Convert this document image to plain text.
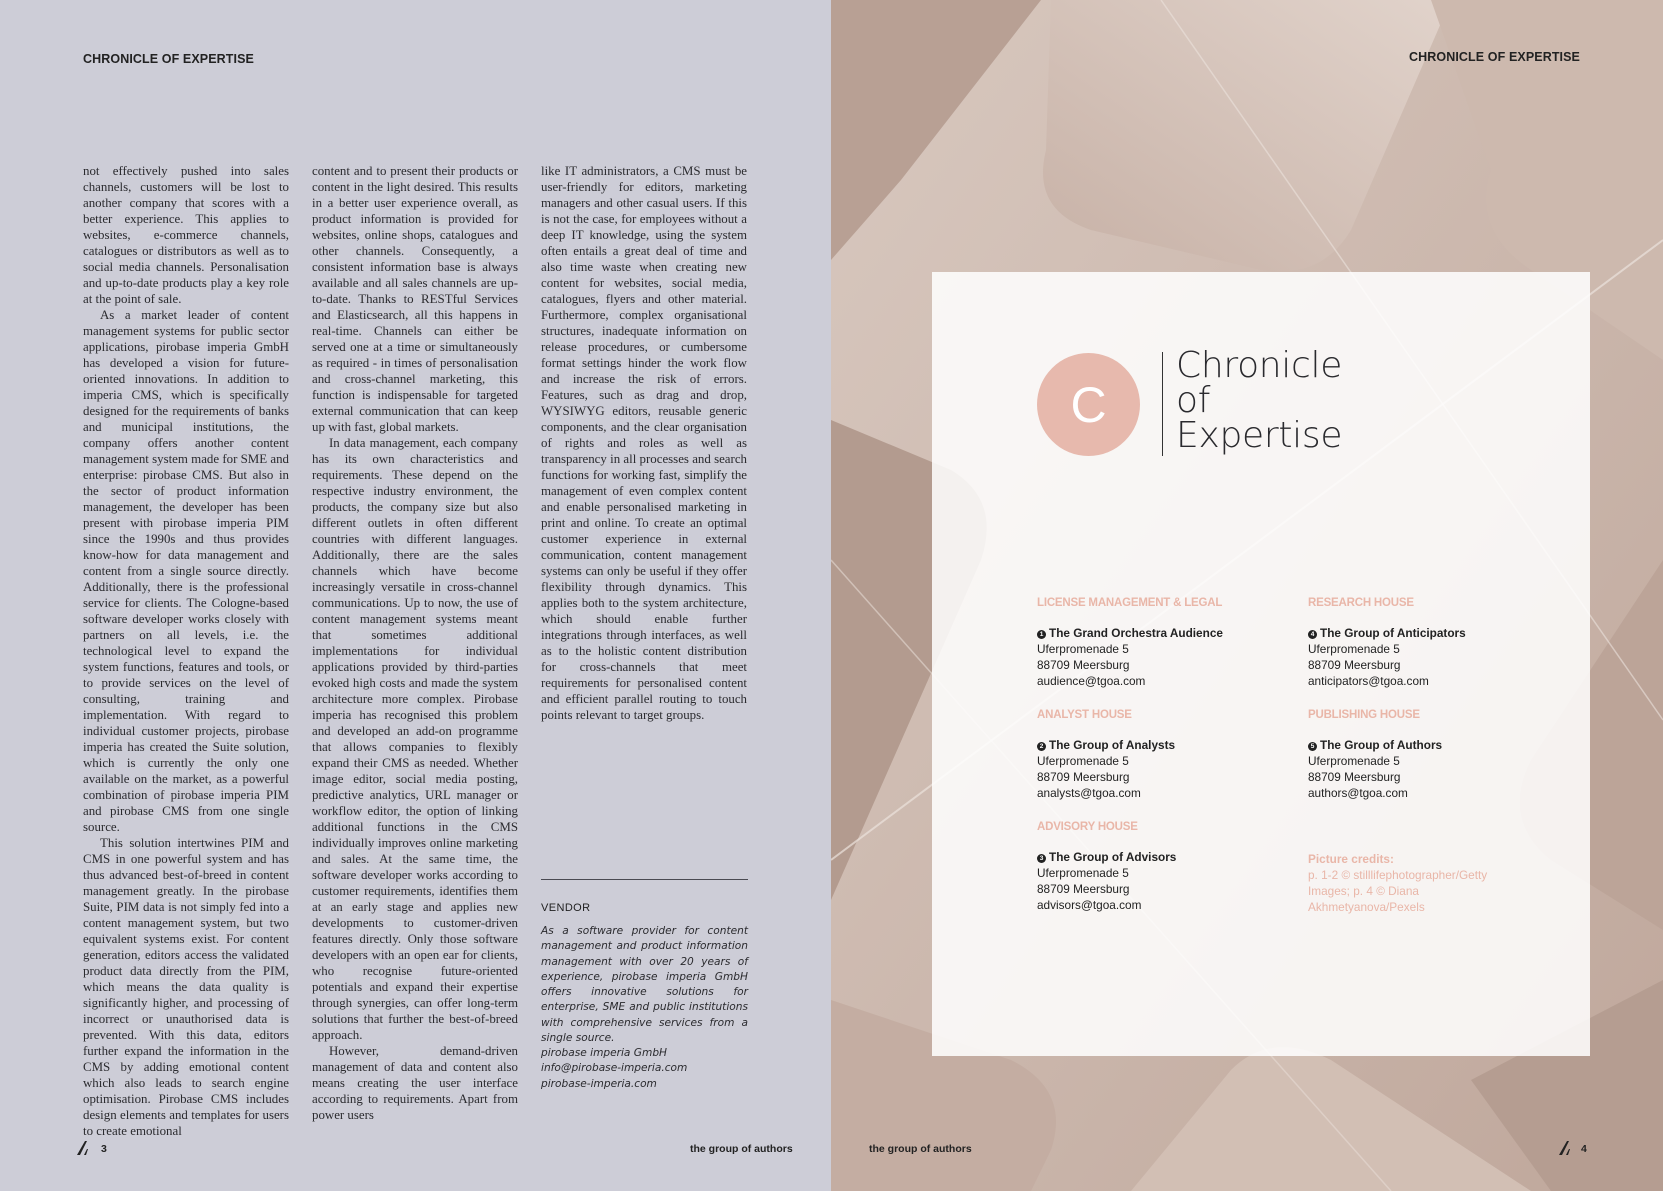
CHRONICLE OF EXPERTISE

not effectively pushed into sales channels, customers will be lost to another company that scores with a better experience. This applies to websites, e-commerce channels, catalogues or distributors as well as to social media channels. Personalisation and up-to-date products play a key role at the point of sale.

As a market leader of content management systems for public sector applications, pirobase imperia GmbH has developed a vision for future-oriented innovations. In addition to imperia CMS, which is specifically designed for the requirements of banks and municipal institutions, the company offers another content management system made for SME and enterprise: pirobase CMS. But also in the sector of product information management, the developer has been present with pirobase imperia PIM since the 1990s and thus provides know-how for data management and content from a single source directly. Additionally, there is the professional service for clients. The Cologne-based software developer works closely with partners on all levels, i.e. the technological level to expand the system functions, features and tools, or to provide services on the level of consulting, training and implementation. With regard to individual customer projects, pirobase imperia has created the Suite solution, which is currently the only one available on the market, as a powerful combination of pirobase imperia PIM and pirobase CMS from one single source.

This solution intertwines PIM and CMS in one powerful system and has thus advanced best-of-breed in content management greatly. In the pirobase Suite, PIM data is not simply fed into a content management system, but two equivalent systems exist. For content generation, editors access the validated product data directly from the PIM, which means the data quality is significantly higher, and processing of incorrect or unauthorised data is prevented. With this data, editors further expand the information in the CMS by adding emotional content which also leads to search engine optimisation. Pirobase CMS includes design elements and templates for users to create emotional

content and to present their products or content in the light desired. This results in a better user experience overall, as product information is provided for websites, online shops, catalogues and other channels. Consequently, a consistent information base is always available and all sales channels are up-to-date. Thanks to RESTful Services and Elasticsearch, all this happens in real-time. Channels can either be served one at a time or simultaneously as required - in times of personalisation and cross-channel marketing, this function is indispensable for targeted external communication that can keep up with fast, global markets.

In data management, each company has its own characteristics and requirements. These depend on the respective industry environment, the products, the company size but also different outlets in often different countries with different languages. Additionally, there are the sales channels which have become increasingly versatile in cross-channel communications. Up to now, the use of content management systems meant that sometimes additional implementations for individual applications provided by third-parties evoked high costs and made the system architecture more complex. Pirobase imperia has recognised this problem and developed an add-on programme that allows companies to flexibly expand their CMS as needed. Whether image editor, social media posting, predictive analytics, URL manager or workflow editor, the option of linking additional functions in the CMS individually improves online marketing and sales. At the same time, the software developer works according to customer requirements, identifies them at an early stage and applies new developments to customer-driven features directly. Only those software developers with an open ear for clients, who recognise future-oriented potentials and expand their expertise through synergies, can offer long-term solutions that further the best-of-breed approach.

However, demand-driven management of data and content also means creating the user interface according to requirements. Apart from power users

like IT administrators, a CMS must be user-friendly for editors, marketing managers and other casual users. If this is not the case, for employees without a deep IT knowledge, using the system often entails a great deal of time and also time waste when creating new content for websites, social media, catalogues, flyers and other material. Furthermore, complex organisational structures, inadequate information on release procedures, or cumbersome format settings hinder the work flow and increase the risk of errors. Features, such as drag and drop, WYSIWYG editors, reusable generic components, and the clear organisation of rights and roles as well as transparency in all processes and search functions for working fast, simplify the management of even complex content and enable personalised marketing in print and online. To create an optimal customer experience in external communication, content management systems can only be useful if they offer flexibility through dynamics. This applies both to the system architecture, which should enable further integrations through interfaces, as well as to the holistic content distribution for cross-channels that meet requirements for personalised content and efficient parallel routing to touch points relevant to target groups.

VENDOR

As a software provider for content management and product information management with over 20 years of experience, pirobase imperia GmbH offers innovative solutions for enterprise, SME and public institutions with comprehensive services from a single source.

pirobase imperia GmbH
info@pirobase-imperia.com
pirobase-imperia.com
3	the group of authors
CHRONICLE OF EXPERTISE
C
Chronicle
of
Expertise
LICENSE MANAGEMENT & LEGAL
1 The Grand Orchestra Audience
Uferpromenade 5
88709 Meersburg
audience@tgoa.com
RESEARCH HOUSE
4 The Group of Anticipators
Uferpromenade 5
88709 Meersburg
anticipators@tgoa.com
ANALYST HOUSE
2 The Group of Analysts
Uferpromenade 5
88709 Meersburg
analysts@tgoa.com
PUBLISHING HOUSE
5 The Group of Authors
Uferpromenade 5
88709 Meersburg
authors@tgoa.com
ADVISORY HOUSE
3 The Group of Advisors
Uferpromenade 5
88709 Meersburg
advisors@tgoa.com
Picture credits:
p. 1-2 © stilllifephotographer/Getty Images; p. 4 © Diana Akhmetyanova/Pexels
the group of authors	4
